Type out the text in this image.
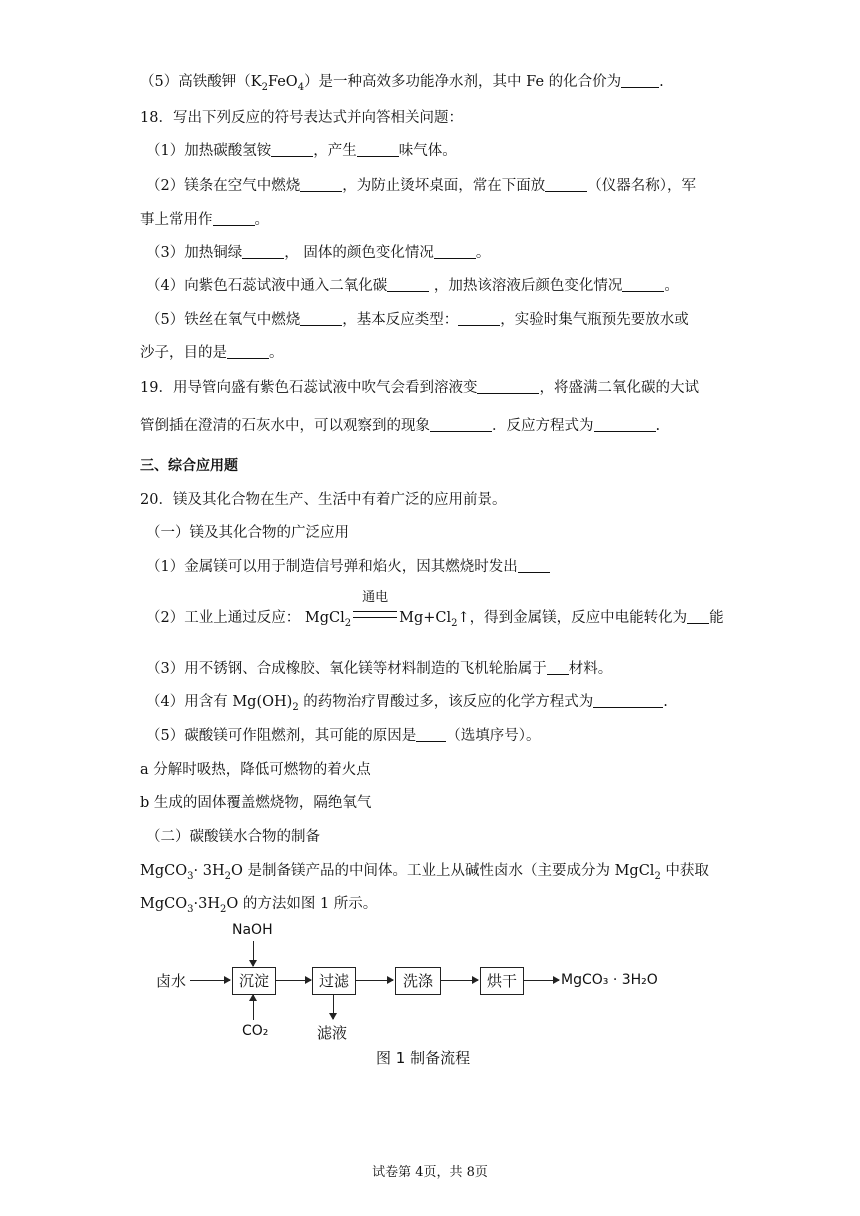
（5）高铁酸钾$(K_2FeO_4)$是一种高效多功能净水剂，其中 Fe 的化合价为	.
18．写出下列反应的符号表达式并向答相关问题：
（1）加热碳酸氢铵	，产生	味气体。
（2）镁条在空气中燃烧	，为防止烫坏桌面，常在下面放	（仪器名称），军
事上常用作	。
（3）加热铜绿	， 固体的颜色变化情况	。
（4）向紫色石蕊试液中通入二氧化碳	，加热该溶液后颜色变化情况	。
（5）铁丝在氧气中燃烧	，基本反应类型：	，实验时集气瓶预先要放水或
沙子，目的是	。
19．用导管向盛有紫色石蕊试液中吹气会看到溶液变	，将盛满二氧化碳的大试
管倒插在澄清的石灰水中，可以观察到的现象	．反应方程式为	.
三、综合应用题
20．镁及其化合物在生产、生活中有着广泛的应用前景。
（一）镁及其化合物的广泛应用
（1）金属镁可以用于制造信号弹和焰火，因其燃烧时发出
（2）工业上通过反应： MgCl$_2$
通电
$Mg+Cl_2↑$，得到金属镁，反应中电能转化为 能
（3）用不锈钢、合成橡胶、氧化镁等材料制造的飞机轮胎属于 材料。
（4）用含有 $Mg(OH)_2$ 的药物治疗胃酸过多，该反应的化学方程式为	.
（5）碳酸镁可作阻燃剂，其可能的原因是 （选填序号）。
a 分解时吸热，降低可燃物的着火点
b 生成的固体覆盖燃烧物，隔绝氧气
（二）碳酸镁水合物的制备
MgCO$_3$· $3H_2O$ 是制备镁产品的中间体。工业上从碱性卤水（主要成分为 MgCl$_2$ 中获取
$MgCO_3\cdot 3H_2O$ 的方法如图 1 所示。
卤水
NaOH
沉淀
CO₂
过滤
滤液
洗涤	烘干	MgCO₃ · 3H₂O
图 1 制备流程
试卷第 4页，共 8页
